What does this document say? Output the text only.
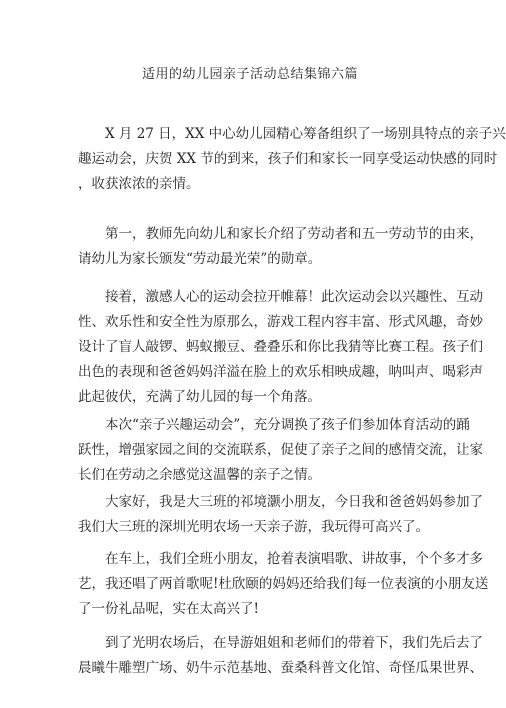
适用的幼儿园亲子活动总结集锦六篇
X 月 27 日，XX 中心幼儿园精心筹备组织了一场别具特点的亲子兴
趣运动会，庆贺 XX 节的到来，孩子们和家长一同享受运动快感的同时
，收获浓浓的亲情。
第一，教师先向幼儿和家长介绍了劳动者和五一劳动节的由来，
请幼儿为家长颁发“劳动最光荣”的勋章。
接着，激感人心的运动会拉开帷幕！此次运动会以兴趣性、互动
性、欢乐性和安全性为原那么，游戏工程内容丰富、形式风趣，奇妙
设计了盲人敲锣、蚂蚁搬豆、叠叠乐和你比我猜等比赛工程。孩子们
出色的表现和爸爸妈妈洋溢在脸上的欢乐相映成趣，呐叫声、喝彩声
此起彼伏，充满了幼儿园的每一个角落。
本次“亲子兴趣运动会”，充分调换了孩子们参加体育活动的踊
跃性，增强家园之间的交流联系，促使了亲子之间的感情交流，让家
长们在劳动之余感觉这温馨的亲子之情。
大家好，我是大三班的祁境灏小朋友，今日我和爸爸妈妈参加了
我们大三班的深圳光明农场一天亲子游，我玩得可高兴了。
在车上，我们全班小朋友，抢着表演唱歌、讲故事，个个多才多
艺，我还唱了两首歌呢!杜欣颐的妈妈还给我们每一位表演的小朋友送
了一份礼品呢，实在太高兴了!
到了光明农场后，在导游姐姐和老师们的带着下，我们先后去了
晨曦牛雕塑广场、奶牛示范基地、蚕桑科普文化馆、奇怪瓜果世界、
